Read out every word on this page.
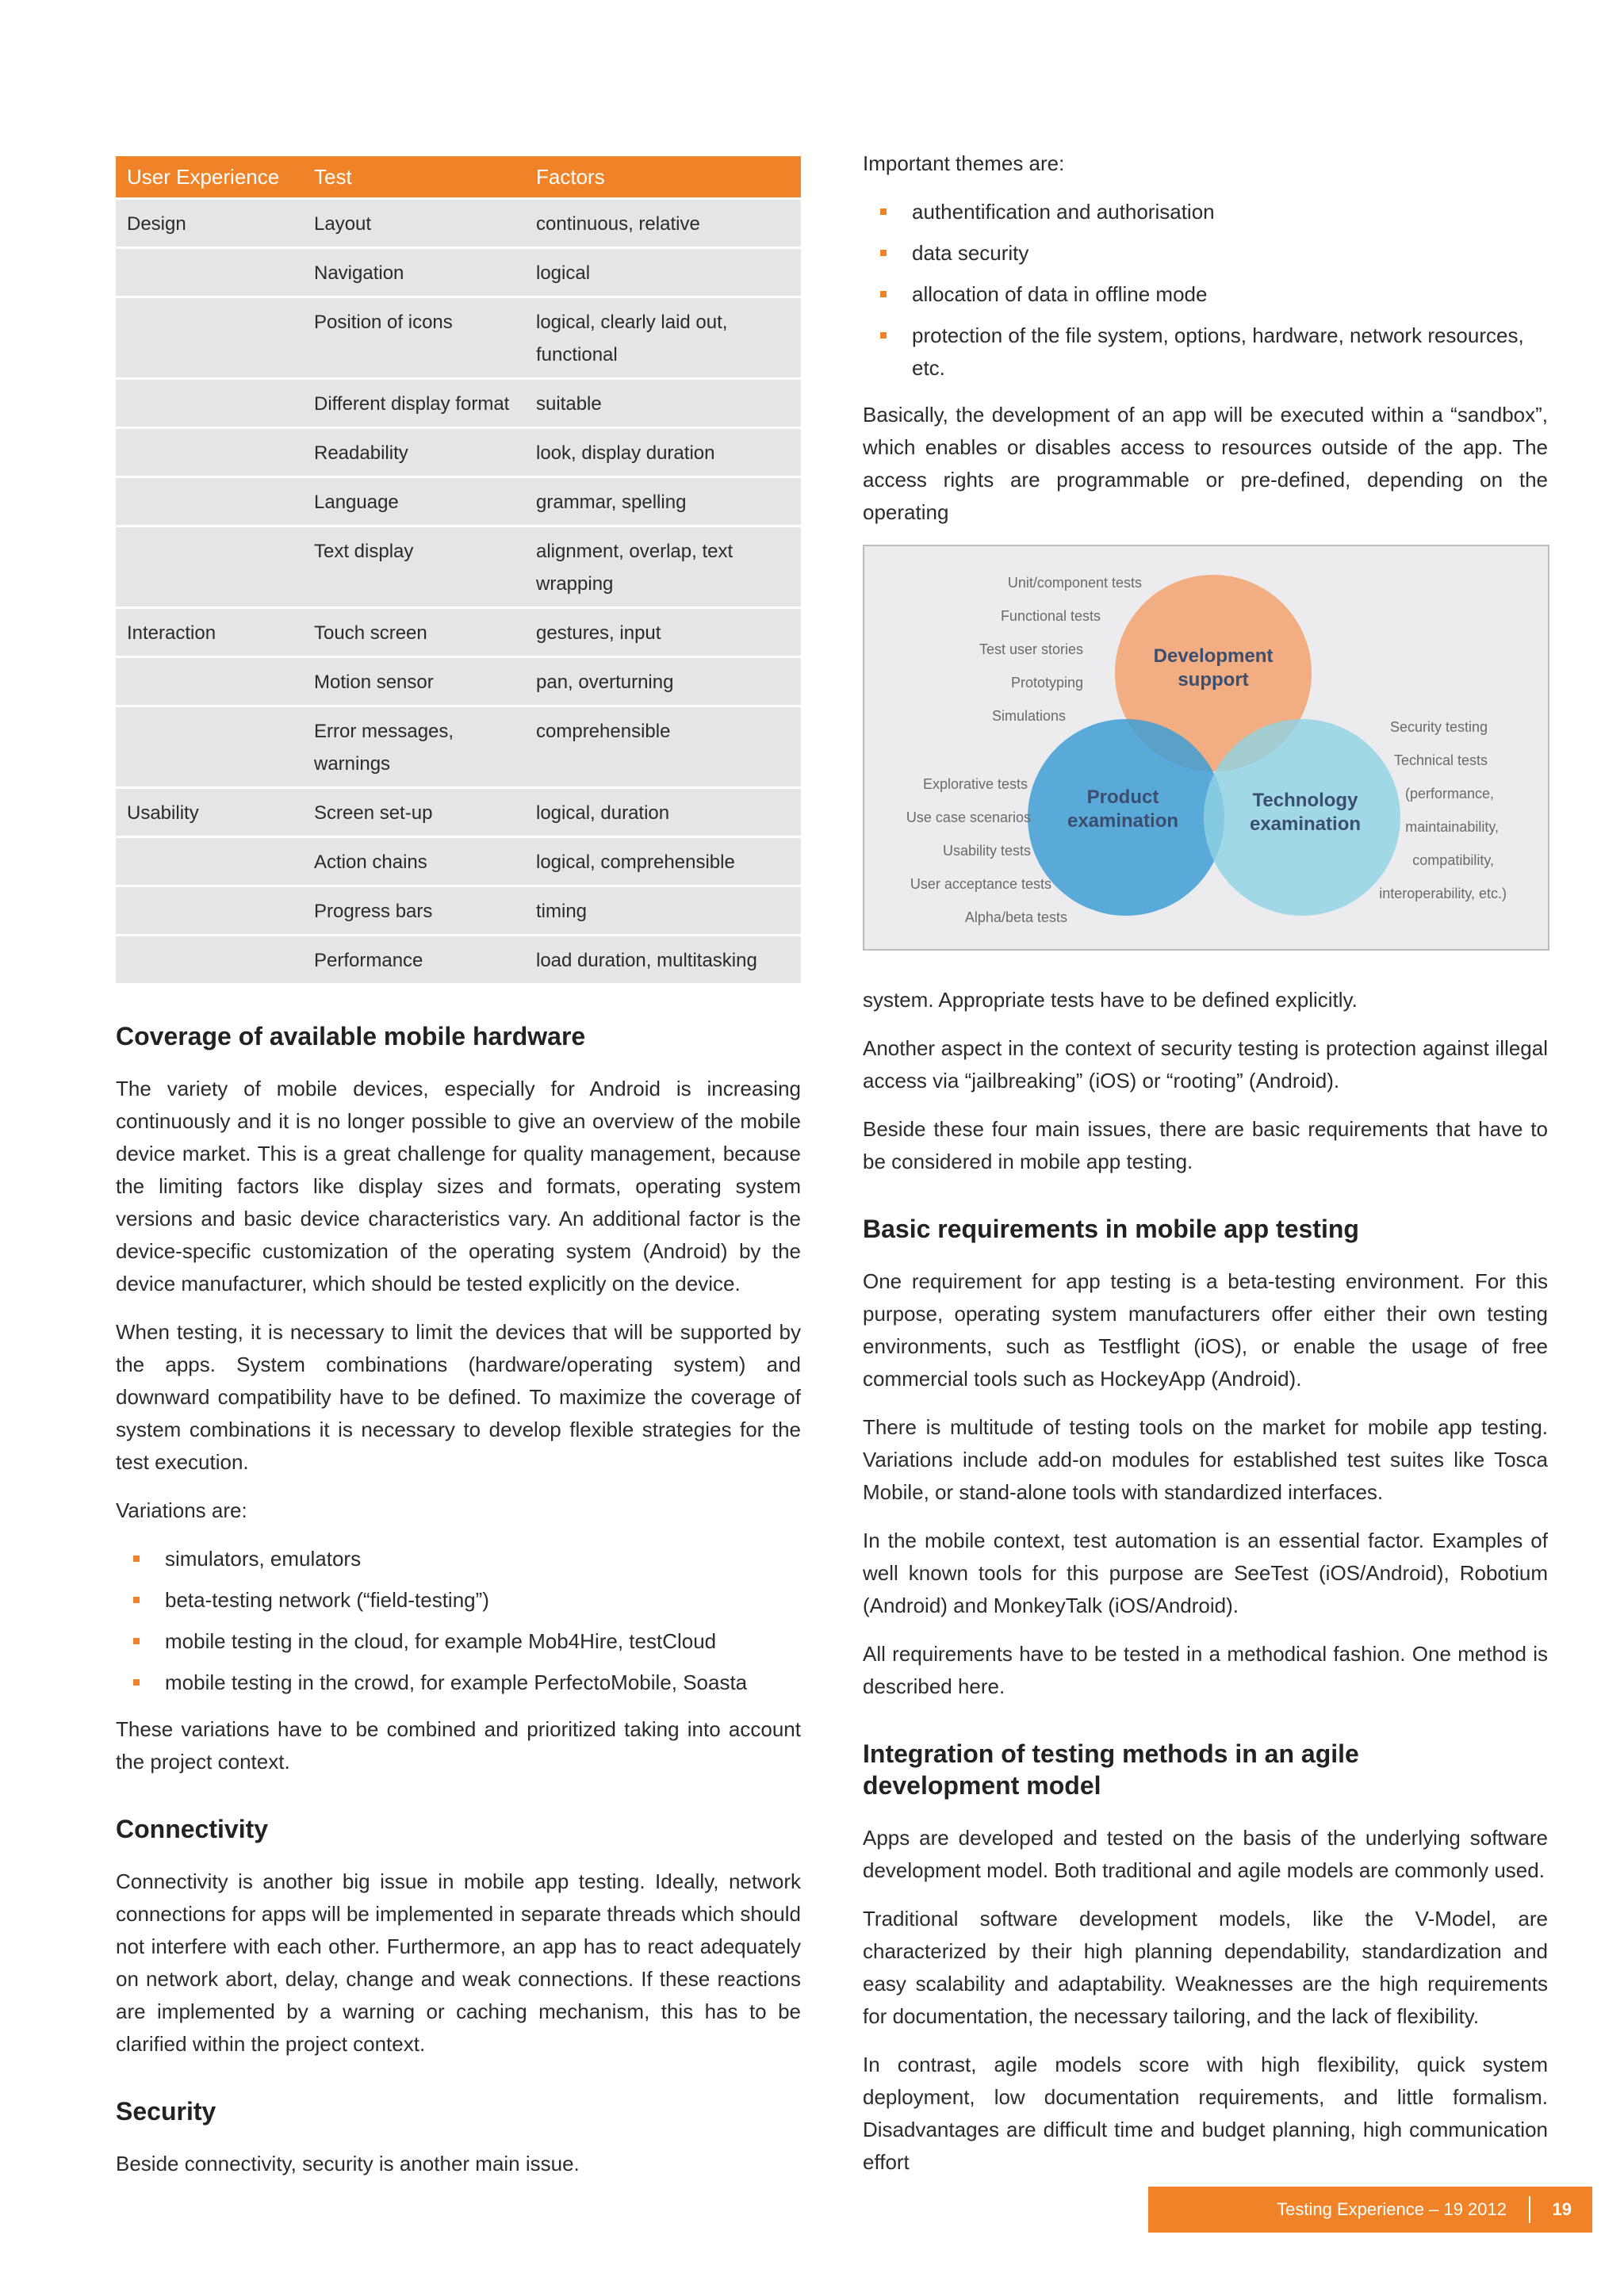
User Experience	Test	Factors
Design	Layout	continuous, relative
	Navigation	logical
	Position of icons	logical, clearly laid out, functional
	Different display format	suitable
	Readability	look, display duration
	Language	grammar, spelling
	Text display	alignment, overlap, text wrapping
Interaction	Touch screen	gestures, input
	Motion sensor	pan, overturning
	Error messages, warnings	comprehensible
Usability	Screen set-up	logical, duration
	Action chains	logical, comprehensible
	Progress bars	timing
	Performance	load duration, multitasking
Coverage of available mobile hardware

The variety of mobile devices, especially for Android is increasing continuously and it is no longer possible to give an overview of the mobile device market. This is a great challenge for quality management, because the limiting factors like display sizes and formats, operating system versions and basic device characteristics vary. An additional factor is the device-specific customization of the operating system (Android) by the device manufacturer, which should be tested explicitly on the device.

When testing, it is necessary to limit the devices that will be supported by the apps. System combinations (hardware/operating system) and downward compatibility have to be defined. To maximize the coverage of system combinations it is necessary to develop flexible strategies for the test execution.

Variations are:

simulators, emulators
beta-testing network (“field-testing”)
mobile testing in the cloud, for example Mob4Hire, testCloud
mobile testing in the crowd, for example PerfectoMobile, Soasta

These variations have to be combined and prioritized taking into account the project context.

Connectivity

Connectivity is another big issue in mobile app testing. Ideally, network connections for apps will be implemented in separate threads which should not interfere with each other. Furthermore, an app has to react adequately on network abort, delay, change and weak connections. If these reactions are implemented by a warning or caching mechanism, this has to be clarified within the project context.

Security

Beside connectivity, security is another main issue.

Important themes are:

authentification and authorisation
data security
allocation of data in offline mode
protection of the file system, options, hardware, network resources, etc.

Basically, the development of an app will be executed within a “sandbox”, which enables or disables access to resources outside of the app. The access rights are programmable or pre-defined, depending on the operating

Development
support
Product
examination
Technology
examination
Unit/component tests
Functional tests
Test user stories
Prototyping
Simulations
Explorative tests
Use case scenarios
Usability tests
User acceptance tests
Alpha/beta tests
Security testing
Technical tests
(performance,
maintainability,
compatibility,
interoperability, etc.)

system. Appropriate tests have to be defined explicitly.

Another aspect in the context of security testing is protection against illegal access via “jailbreaking” (iOS) or “rooting” (Android).

Beside these four main issues, there are basic requirements that have to be considered in mobile app testing.

Basic requirements in mobile app testing

One requirement for app testing is a beta-testing environment. For this purpose, operating system manufacturers offer either their own testing environments, such as Testflight (iOS), or enable the usage of free commercial tools such as HockeyApp (Android).

There is multitude of testing tools on the market for mobile app testing. Variations include add-on modules for established test suites like Tosca Mobile, or stand-alone tools with standardized interfaces.

In the mobile context, test automation is an essential factor. Examples of well known tools for this purpose are SeeTest (iOS/Android), Robotium (Android) and MonkeyTalk (iOS/Android).

All requirements have to be tested in a methodical fashion. One method is described here.

Integration of testing methods in an agile development model

Apps are developed and tested on the basis of the underlying software development model. Both traditional and agile models are commonly used.

Traditional software development models, like the V-Model, are characterized by their high planning dependability, standardization and easy scalability and adaptability. Weaknesses are the high requirements for documentation, the necessary tailoring, and the lack of flexibility.

In contrast, agile models score with high flexibility, quick system deployment, low documentation requirements, and little formalism. Disadvantages are difficult time and budget planning, high communication effort

Testing Experience – 19 2012	19
